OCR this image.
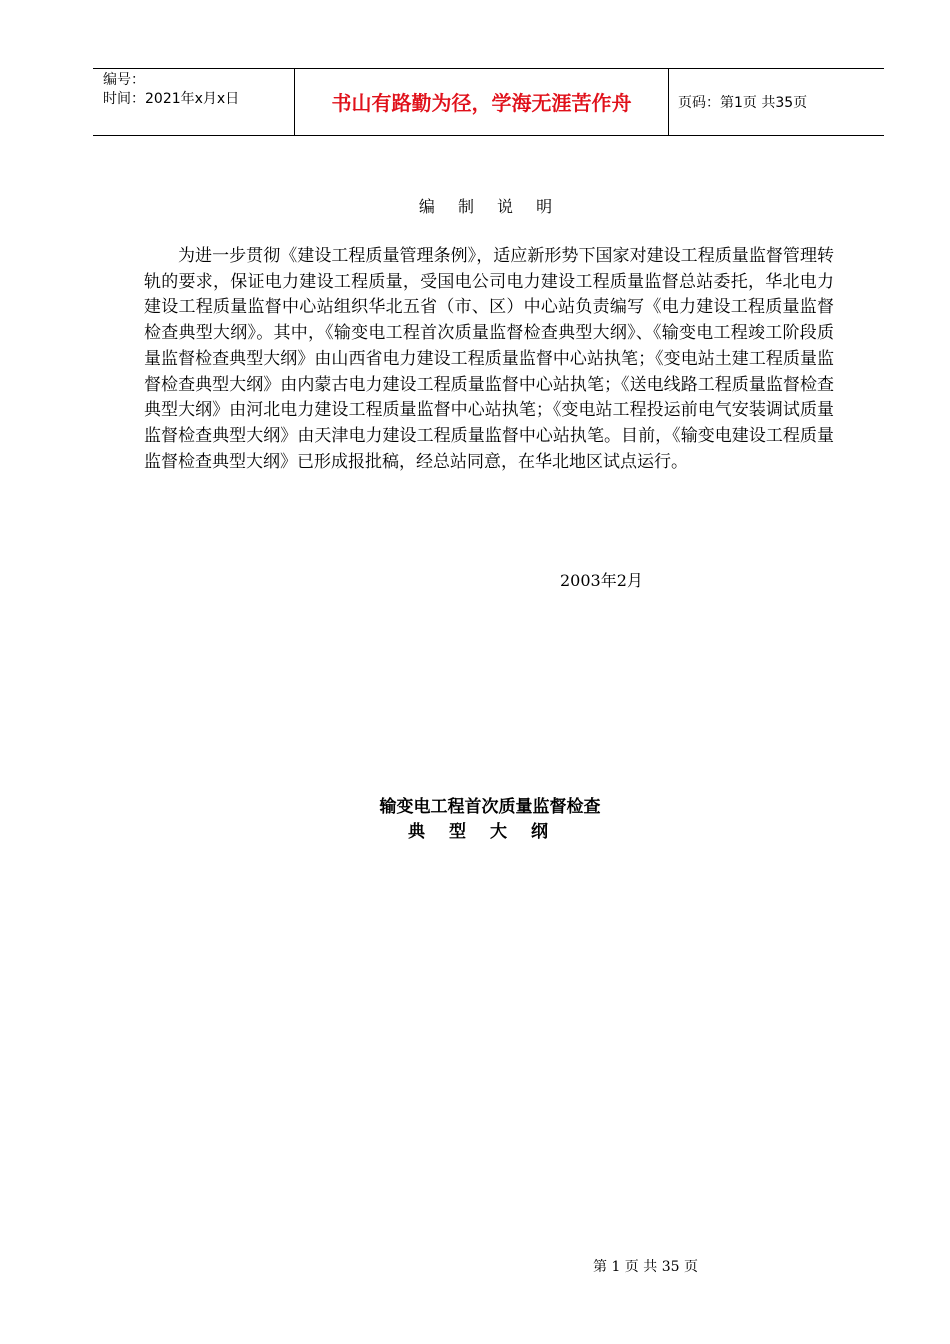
编号：
时间：2021年x月x日	书山有路勤为径，学海无涯苦作舟	页码：第1页 共35页
编 制 说 明

为进一步贯彻《建设工程质量管理条例》，适应新形势下国家对建设工程质量监督管理转轨的要求，保证电力建设工程质量，受国电公司电力建设工程质量监督总站委托，华北电力建设工程质量监督中心站组织华北五省（市、区）中心站负责编写《电力建设工程质量监督检查典型大纲》。其中，《输变电工程首次质量监督检查典型大纲》、《输变电工程竣工阶段质量监督检查典型大纲》由山西省电力建设工程质量监督中心站执笔；《变电站土建工程质量监督检查典型大纲》由内蒙古电力建设工程质量监督中心站执笔；《送电线路工程质量监督检查典型大纲》由河北电力建设工程质量监督中心站执笔；《变电站工程投运前电气安装调试质量监督检查典型大纲》由天津电力建设工程质量监督中心站执笔。目前，《输变电建设工程质量监督检查典型大纲》已形成报批稿，经总站同意，在华北地区试点运行。

2003年2月
输变电工程首次质量监督检查
典型大纲
第 1 页 共 35 页
